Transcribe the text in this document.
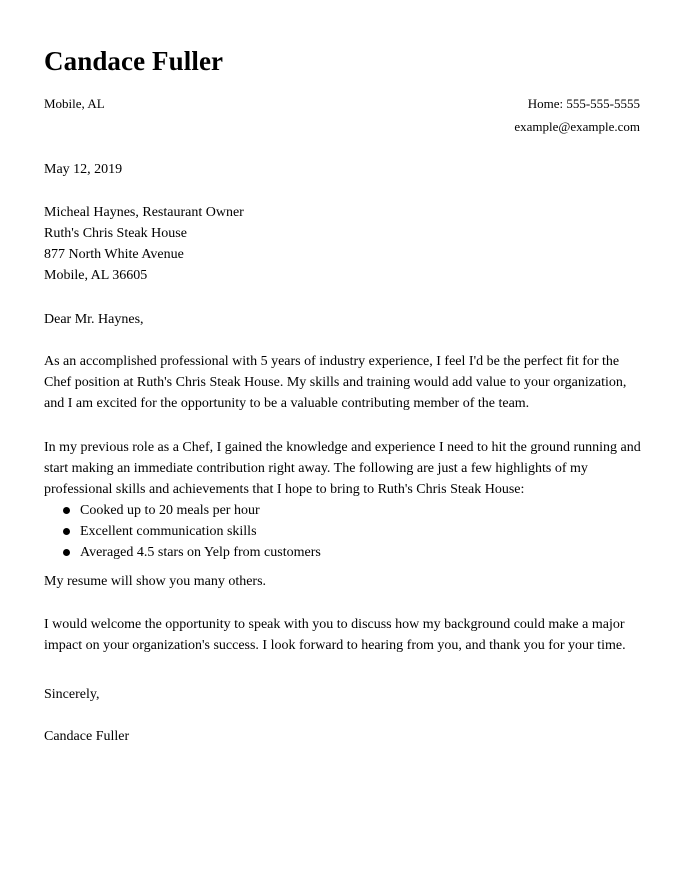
Candace Fuller
Mobile, AL	Home: 555-555-5555
example@example.com
May 12, 2019
Micheal Haynes, Restaurant Owner
Ruth's Chris Steak House
877 North White Avenue
Mobile, AL 36605
Dear Mr. Haynes,
As an accomplished professional with 5 years of industry experience, I feel I'd be the perfect fit for the Chef position at Ruth's Chris Steak House. My skills and training would add value to your organization, and I am excited for the opportunity to be a valuable contributing member of the team.
In my previous role as a Chef, I gained the knowledge and experience I need to hit the ground running and start making an immediate contribution right away. The following are just a few highlights of my professional skills and achievements that I hope to bring to Ruth's Chris Steak House:
Cooked up to 20 meals per hour
Excellent communication skills
Averaged 4.5 stars on Yelp from customers
My resume will show you many others.
I would welcome the opportunity to speak with you to discuss how my background could make a major impact on your organization's success. I look forward to hearing from you, and thank you for your time.
Sincerely,
Candace Fuller
